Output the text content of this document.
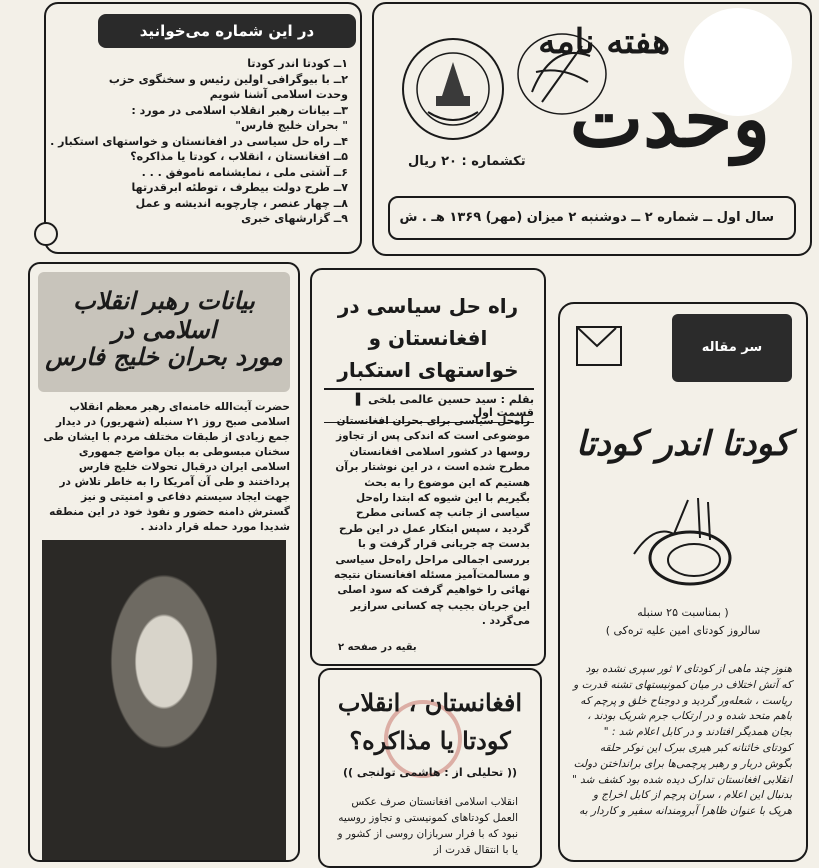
در این شماره می‌خوانید
۱ــ کودتا اندر کودتا
۲ــ با بیوگرافی اولین رئیس و سخنگوی حزب
وحدت اسلامی آشنا شویم
۳ــ بیانات رهبر انقلاب اسلامی در مورد :
" بحران خلیج فارس"
۴ــ راه حل سیاسی در افغانستان و خواستهای استکبار .
۵ــ افغانستان ، انقلاب ، کودتا یا مذاکره؟
۶ــ آشتی ملی ، نمایشنامه ناموفق . . .
۷ــ طرح دولت بیطرف ، توطئه ابرقدرتها
۸ــ چهار عنصر ، چارچوبه اندیشه و عمل
۹ــ گزارشهای خبری
هفته نامه
وحدت
تکشماره : ۲۰ ریال
سال اول ــ شماره ۲ ــ دوشنبه ۲ میزان (مهر) ۱۳۶۹ هـ . ش
بیانات رهبر انقلاب اسلامی در
مورد بحران خلیج فارس
حضرت آیت‌الله خامنه‌ای رهبر معظم انقلاب اسلامی صبح روز ۲۱ سنبله (شهریور) در دیدار جمع زیادی از طبقات مختلف مردم با ایشان طی سخنان مبسوطی به بیان مواضع جمهوری اسلامی ایران درقبال تحولات خلیج فارس پرداختند و طی آن آمریکا را به خاطر تلاش در جهت ایجاد سیستم دفاعی و امنیتی و نیز گسترش دامنه حضور و نفوذ خود در این منطقه شدیدا مورد حمله قرار دادند .
راه حل سیاسی در افغانستان و خواستهای استکبار
بقلم : سید حسین عالمی بلخی ▌ قسمت اول
راه‌حل سیاسی برای بحران افغانستان موضوعی است که اندکی پس از تجاوز روسها در کشور اسلامی افغانستان مطرح شده است ، در این نوشتار برآن هستیم که این موضوع را به بحث بگیریم با این شیوه که ابتدا راه‌حل سیاسی از جانب چه کسانی مطرح گردید ، سپس ابتکار عمل در این طرح بدست چه جریانی قرار گرفت و با بررسی اجمالی مراحل راه‌حل سیاسی و مسالمت‌آمیز مسئله افغانستان نتیجه نهائی را خواهیم گرفت که سود اصلی این جریان بجیب چه کسانی سرازیر می‌گردد .
بقیه در صفحه ۲
افغانستان ، انقلاب کودتا یا مذاکره؟
(( تحلیلی از : هاشمی تولنجی ))
انقلاب اسلامی افغانستان صرف عکس العمل کودتاهای کمونیستی و تجاوز روسیه نبود که با فرار سربازان روسی از کشور و یا با انتقال قدرت از
سر مقاله
کودتا اندر کودتا
( بمناسبت ۲۵ سنبله
سالروز کودتای امین علیه تره‌کی )
هنوز چند ماهی از کودتای ۷ ثور سپری نشده بود که آتش اختلاف در میان کمونیستهای تشنه قدرت و ریاست ، شعله‌ور گردید و دوجناح خلق و پرچم که باهم متحد شده و در ارتکاب جرم شریک بودند ، بجان همدیگر افتادند و در کابل اعلام شد : " کودتای خائنانه کبر هیری ببرک این نوکر حلقه بگوش دربار و رهبر پرچمی‌ها برای برانداختن دولت انقلابی افغانستان تدارک دیده شده بود کشف شد " بدنبال این اعلام ، سران پرچم از کابل اخراج و هریک با عنوان ظاهرا آبرومندانه سفیر و کاردار به
